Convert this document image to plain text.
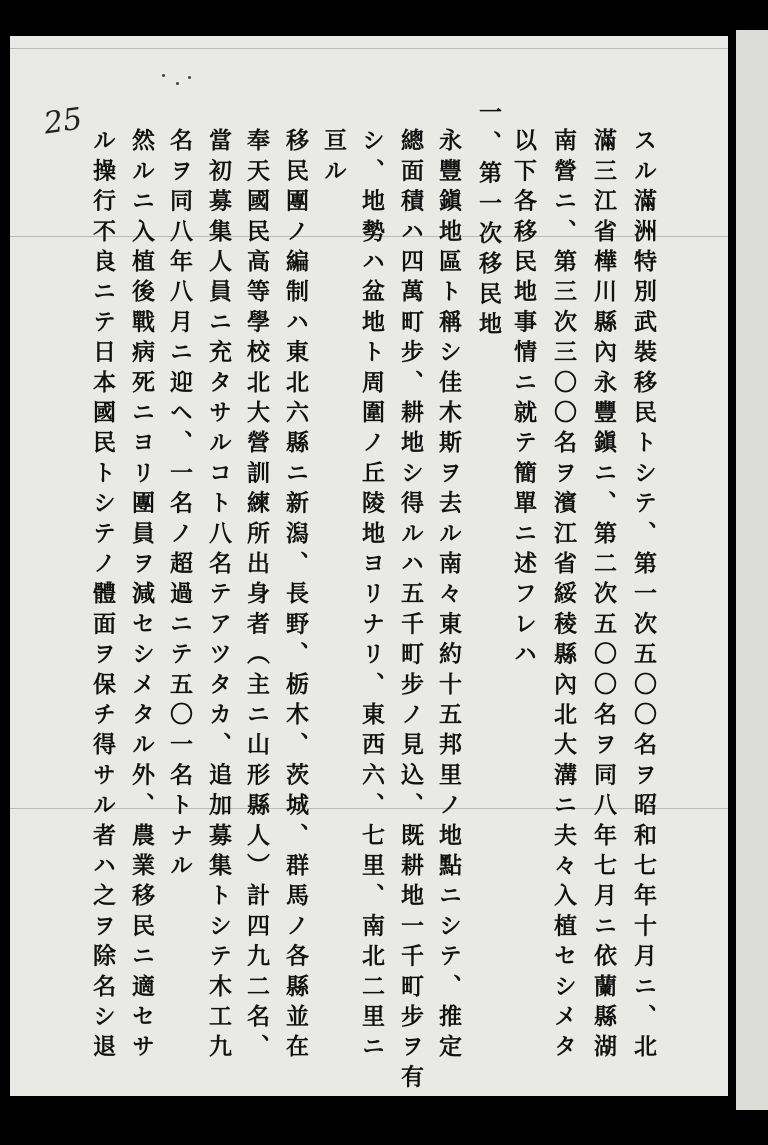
25
スル滿洲特別武裝移民トシテ、第一次五〇〇名ヲ昭和七年十月ニ、北
滿三江省樺川縣內永豐鎭ニ、第二次五〇〇名ヲ同八年七月ニ依蘭縣湖
南營ニ、第三次三〇〇名ヲ濱江省綏稜縣內北大溝ニ夫々入植セシメタ
以下各移民地事情ニ就テ簡單ニ述フレハ
一、第一次移民地
永豐鎭地區ト稱シ佳木斯ヲ去ル南々東約十五邦里ノ地點ニシテ、推定
總面積ハ四萬町步、耕地シ得ルハ五千町步ノ見込、既耕地一千町步ヲ有
シ、地勢ハ盆地ト周圍ノ丘陵地ヨリナリ、東西六、七里、南北二里ニ
亘ル
移民團ノ編制ハ東北六縣ニ新潟、長野、栃木、茨城、群馬ノ各縣並在
奉天國民高等學校北大營訓練所出身者（主ニ山形縣人）計四九二名、
當初募集人員ニ充タサルコト八名テアツタカ、追加募集トシテ木工九
名ヲ同八年八月ニ迎ヘ、一名ノ超過ニテ五〇一名トナル
然ルニ入植後戰病死ニヨリ團員ヲ減セシメタル外、農業移民ニ適セサ
ル操行不良ニテ日本國民トシテノ體面ヲ保チ得サル者ハ之ヲ除名シ退
